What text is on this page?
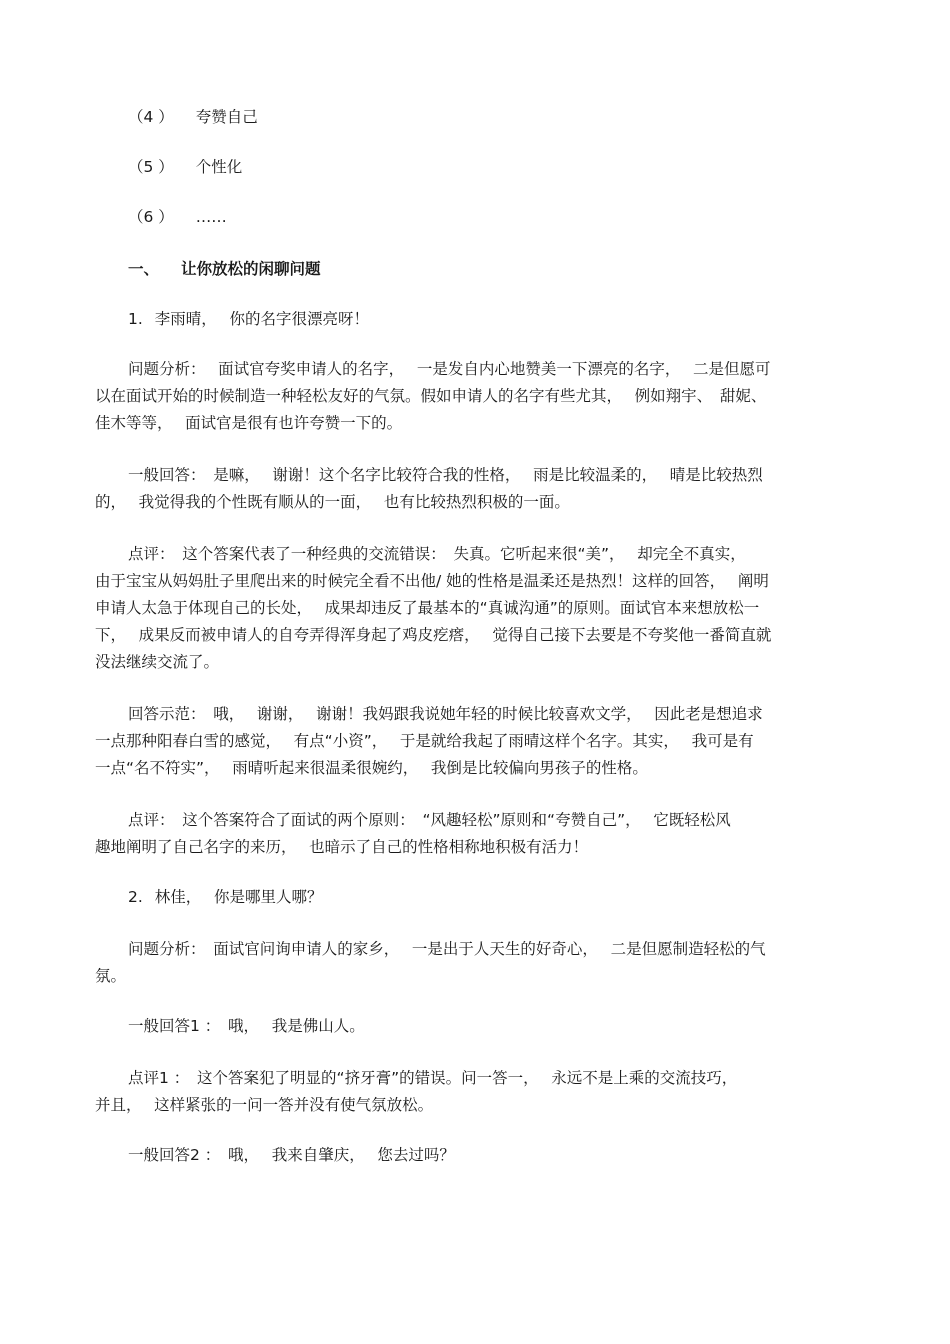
（4 ） 夸赞自己
（5 ） 个性化
（6 ） ……
一、 让你放松的闲聊问题
1. 李雨晴，　 你的名字很漂亮呀！
问题分析：　 面试官夸奖申请人的名字，　 一是发自内心地赞美一下漂亮的名字，　 二是但愿可
以在面试开始的时候制造一种轻松友好的气氛。假如申请人的名字有些尤其，　 例如翔宇、　甜妮、
佳木等等，　 面试官是很有也许夸赞一下的。
一般回答：　是嘛，　 谢谢！这个名字比较符合我的性格，　 雨是比较温柔的，　 晴是比较热烈
的，　 我觉得我的个性既有顺从的一面，　 也有比较热烈积极的一面。
点评：　这个答案代表了一种经典的交流错误：　失真。它听起来很“美”，　 却完全不真实，
由于宝宝从妈妈肚子里爬出来的时候完全看不出他/ 她的性格是温柔还是热烈！这样的回答，　 阐明
申请人太急于体现自己的长处，　 成果却违反了最基本的“真诚沟通”的原则。面试官本来想放松一
下，　 成果反而被申请人的自夸弄得浑身起了鸡皮疙瘩，　 觉得自己接下去要是不夸奖他一番简直就
没法继续交流了。
回答示范：　哦，　 谢谢，　 谢谢！我妈跟我说她年轻的时候比较喜欢文学，　 因此老是想追求
一点那种阳春白雪的感觉，　 有点“小资”，　 于是就给我起了雨晴这样个名字。其实，　 我可是有
一点“名不符实”，　 雨晴听起来很温柔很婉约，　 我倒是比较偏向男孩子的性格。
点评：　这个答案符合了面试的两个原则：　“风趣轻松”原则和“夸赞自己”，　 它既轻松风
趣地阐明了自己名字的来历，　 也暗示了自己的性格相称地积极有活力！
2. 林佳，　 你是哪里人哪？
问题分析：　面试官问询申请人的家乡，　 一是出于人天生的好奇心，　 二是但愿制造轻松的气
氛。
一般回答1 ：　哦，　 我是佛山人。
点评1 ：　这个答案犯了明显的“挤牙膏”的错误。问一答一，　 永远不是上乘的交流技巧，
并且，　 这样紧张的一问一答并没有使气氛放松。
一般回答2 ：　哦，　 我来自肇庆，　 您去过吗？
